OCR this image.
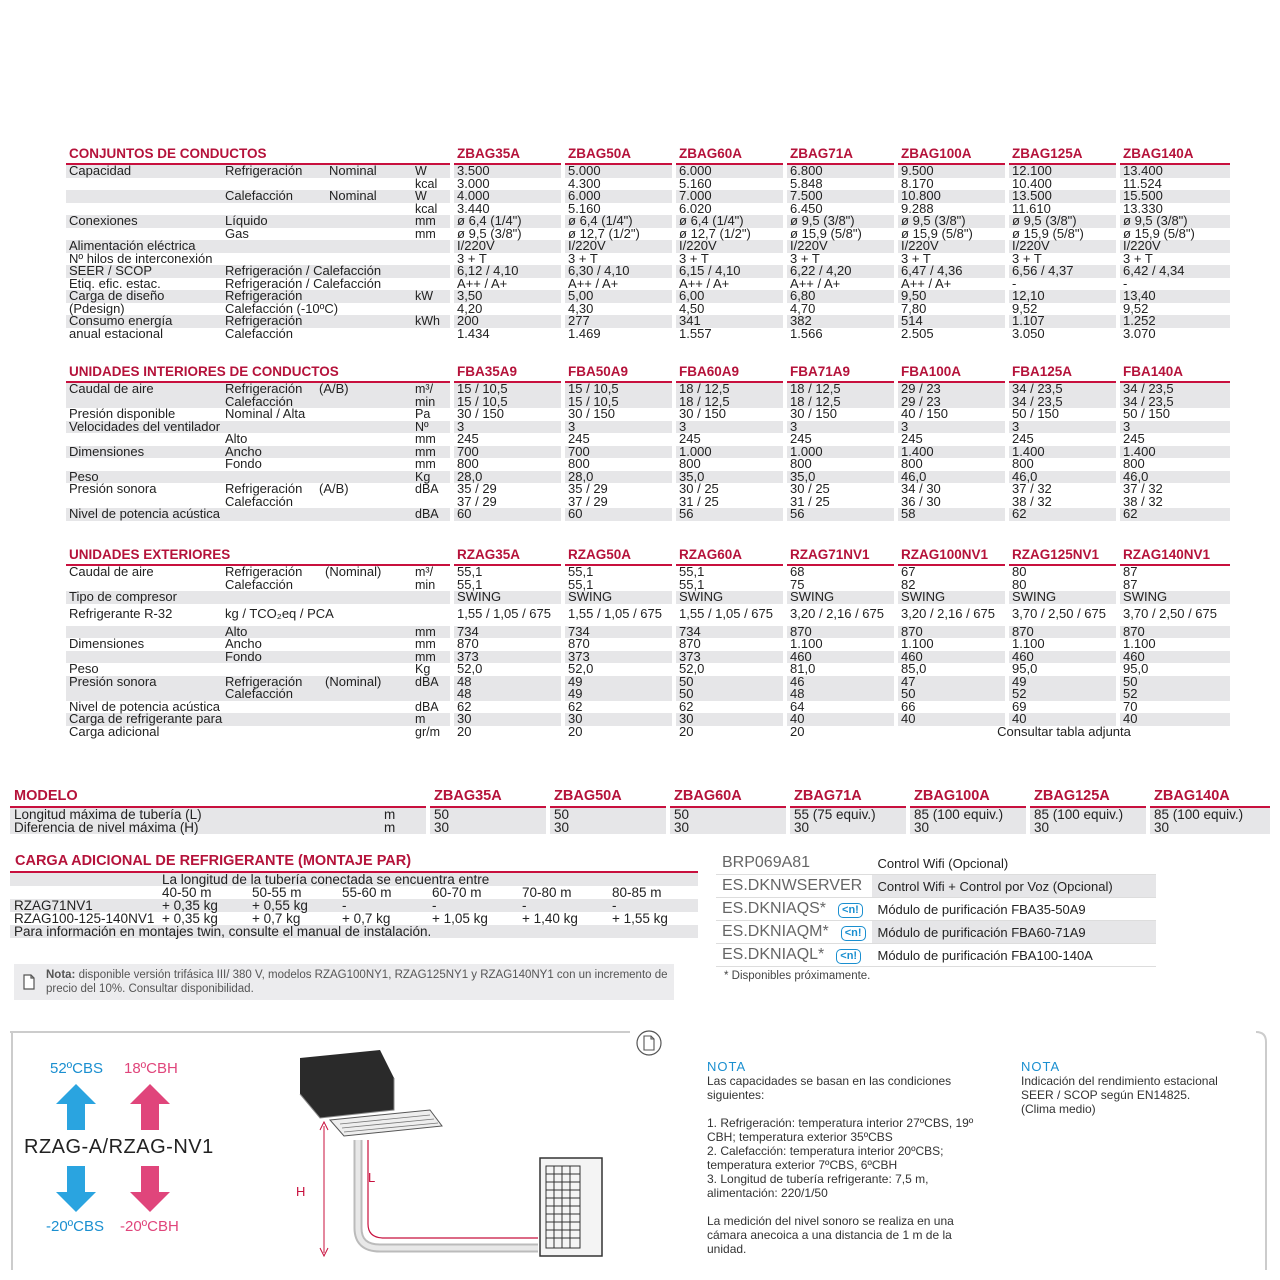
CONJUNTOS DE CONDUCTOS				ZBAG35A	ZBAG50A	ZBAG60A	ZBAG71A	ZBAG100A	ZBAG125A	ZBAG140A
Capacidad	Refrigeración	Nominal	W	3.500	5.000	6.000	6.800	9.500	12.100	13.400
			kcal	3.000	4.300	5.160	5.848	8.170	10.400	11.524
	Calefacción	Nominal	W	4.000	6.000	7.000	7.500	10.800	13.500	15.500
			kcal	3.440	5.160	6.020	6.450	9.288	11.610	13.330
Conexiones	Líquido		mm	ø 6,4 (1/4")	ø 6,4 (1/4")	ø 6,4 (1/4")	ø 9,5 (3/8")	ø 9,5 (3/8")	ø 9,5 (3/8")	ø 9,5 (3/8")
	Gas		mm	ø 9,5 (3/8")	ø 12,7 (1/2")	ø 12,7 (1/2")	ø 15,9 (5/8")	ø 15,9 (5/8")	ø 15,9 (5/8")	ø 15,9 (5/8")
Alimentación eléctrica				I/220V	I/220V	I/220V	I/220V	I/220V	I/220V	I/220V
Nº hilos de interconexión				3 + T	3 + T	3 + T	3 + T	3 + T	3 + T	3 + T
SEER / SCOP	Refrigeración / Calefacción			6,12 / 4,10	6,30 / 4,10	6,15 / 4,10	6,22 / 4,20	6,47 / 4,36	6,56 / 4,37	6,42 / 4,34
Etiq. efic. estac.	Refrigeración / Calefacción			A++ / A+	A++ / A+	A++ / A+	A++ / A+	A++ / A+	-	-
Carga de diseño	Refrigeración		kW	3,50	5,00	6,00	6,80	9,50	12,10	13,40
(Pdesign)	Calefacción (-10ºC)			4,20	4,30	4,50	4,70	7,80	9,52	9,52
Consumo energía	Refrigeración		kWh	200	277	341	382	514	1.107	1.252
anual estacional	Calefacción			1.434	1.469	1.557	1.566	2.505	3.050	3.070
UNIDADES INTERIORES DE CONDUCTOS				FBA35A9	FBA50A9	FBA60A9	FBA71A9	FBA100A	FBA125A	FBA140A
Caudal de aire	Refrigeración	(A/B)	m³/	15 / 10,5	15 / 10,5	18 / 12,5	18 / 12,5	29 / 23	34 / 23,5	34 / 23,5
	Calefacción		min	15 / 10,5	15 / 10,5	18 / 12,5	18 / 12,5	29 / 23	34 / 23,5	34 / 23,5
Presión disponible	Nominal / Alta		Pa	30 / 150	30 / 150	30 / 150	30 / 150	40 / 150	50 / 150	50 / 150
Velocidades del ventilador			Nº	3	3	3	3	3	3	3
	Alto		mm	245	245	245	245	245	245	245
Dimensiones	Ancho		mm	700	700	1.000	1.000	1.400	1.400	1.400
	Fondo		mm	800	800	800	800	800	800	800
Peso			Kg	28,0	28,0	35,0	35,0	46,0	46,0	46,0
Presión sonora	Refrigeración	(A/B)	dBA	35 / 29	35 / 29	30 / 25	30 / 25	34 / 30	37 / 32	37 / 32
	Calefacción			37 / 29	37 / 29	31 / 25	31 / 25	36 / 30	38 / 32	38 / 32
Nivel de potencia acústica			dBA	60	60	56	56	58	62	62
UNIDADES EXTERIORES				RZAG35A	RZAG50A	RZAG60A	RZAG71NV1	RZAG100NV1	RZAG125NV1	RZAG140NV1
Caudal de aire	Refrigeración	(Nominal)	m³/	55,1	55,1	55,1	68	67	80	87
	Calefacción		min	55,1	55,1	55,1	75	82	80	87
Tipo de compresor				SWING	SWING	SWING	SWING	SWING	SWING	SWING
Refrigerante R-32	kg / TCO₂eq / PCA			1,55 / 1,05 / 675	1,55 / 1,05 / 675	1,55 / 1,05 / 675	3,20 / 2,16 / 675	3,20 / 2,16 / 675	3,70 / 2,50 / 675	3,70 / 2,50 / 675
	Alto		mm	734	734	734	870	870	870	870
Dimensiones	Ancho		mm	870	870	870	1.100	1.100	1.100	1.100
	Fondo		mm	373	373	373	460	460	460	460
Peso			Kg	52,0	52,0	52,0	81,0	85,0	95,0	95,0
Presión sonora	Refrigeración	(Nominal)	dBA	48	49	50	46	47	49	50
	Calefacción			48	49	50	48	50	52	52
Nivel de potencia acústica			dBA	62	62	62	64	66	69	70
Carga de refrigerante para			m	30	30	30	40	40	40	40
Carga adicional			gr/m	20	20	20	20	Consultar tabla adjunta		
MODELO		ZBAG35A	ZBAG50A	ZBAG60A	ZBAG71A	ZBAG100A	ZBAG125A	ZBAG140A
Longitud máxima de tubería (L)	m	50	50	50	55 (75 equiv.)	85 (100 equiv.)	85 (100 equiv.)	85 (100 equiv.)
Diferencia de nivel máxima (H)	m	30	30	30	30	30	30	30
CARGA ADICIONAL DE REFRIGERANTE (MONTAJE PAR)
	La longitud de la tubería conectada se encuentra entre					
	40-50 m	50-55 m	55-60 m	60-70 m	70-80 m	80-85 m
RZAG71NV1	+ 0,35 kg	+ 0,55 kg	-	-	-	-
RZAG100-125-140NV1	+ 0,35 kg	+ 0,7 kg	+ 0,7 kg	+ 1,05 kg	+ 1,40 kg	+ 1,55 kg
Para información en montajes twin, consulte el manual de instalación.						
BRP069A81	Control Wifi (Opcional)
ES.DKNWSERVER	Control Wifi + Control por Voz (Opcional)
ES.DKNIAQS* <n!	Módulo de purificación FBA35-50A9
ES.DKNIAQM* <n!	Módulo de purificación FBA60-71A9
ES.DKNIAQL* <n!	Módulo de purificación FBA100-140A
* Disponibles próximamente.
Nota: disponible versión trifásica III/ 380 V, modelos RZAG100NY1, RZAG125NY1 y RZAG140NY1 con un incremento de precio del 10%. Consultar disponibilidad.
52ºCBS 18ºCBH
RZAG-A/RZAG-NV1
-20ºCBS -20ºCBH
H
L
NOTA
Las capacidades se basan en las condiciones siguientes:
1. Refrigeración: temperatura interior 27ºCBS, 19º CBH; temperatura exterior 35ºCBS
2. Calefacción: temperatura interior 20ºCBS; temperatura exterior 7ºCBS, 6ºCBH
3. Longitud de tubería refrigerante: 7,5 m, alimentación: 220/1/50
La medición del nivel sonoro se realiza en una cámara anecoica a una distancia de 1 m de la unidad.
NOTA
Indicación del rendimiento estacional
SEER / SCOP según EN14825.
(Clima medio)
